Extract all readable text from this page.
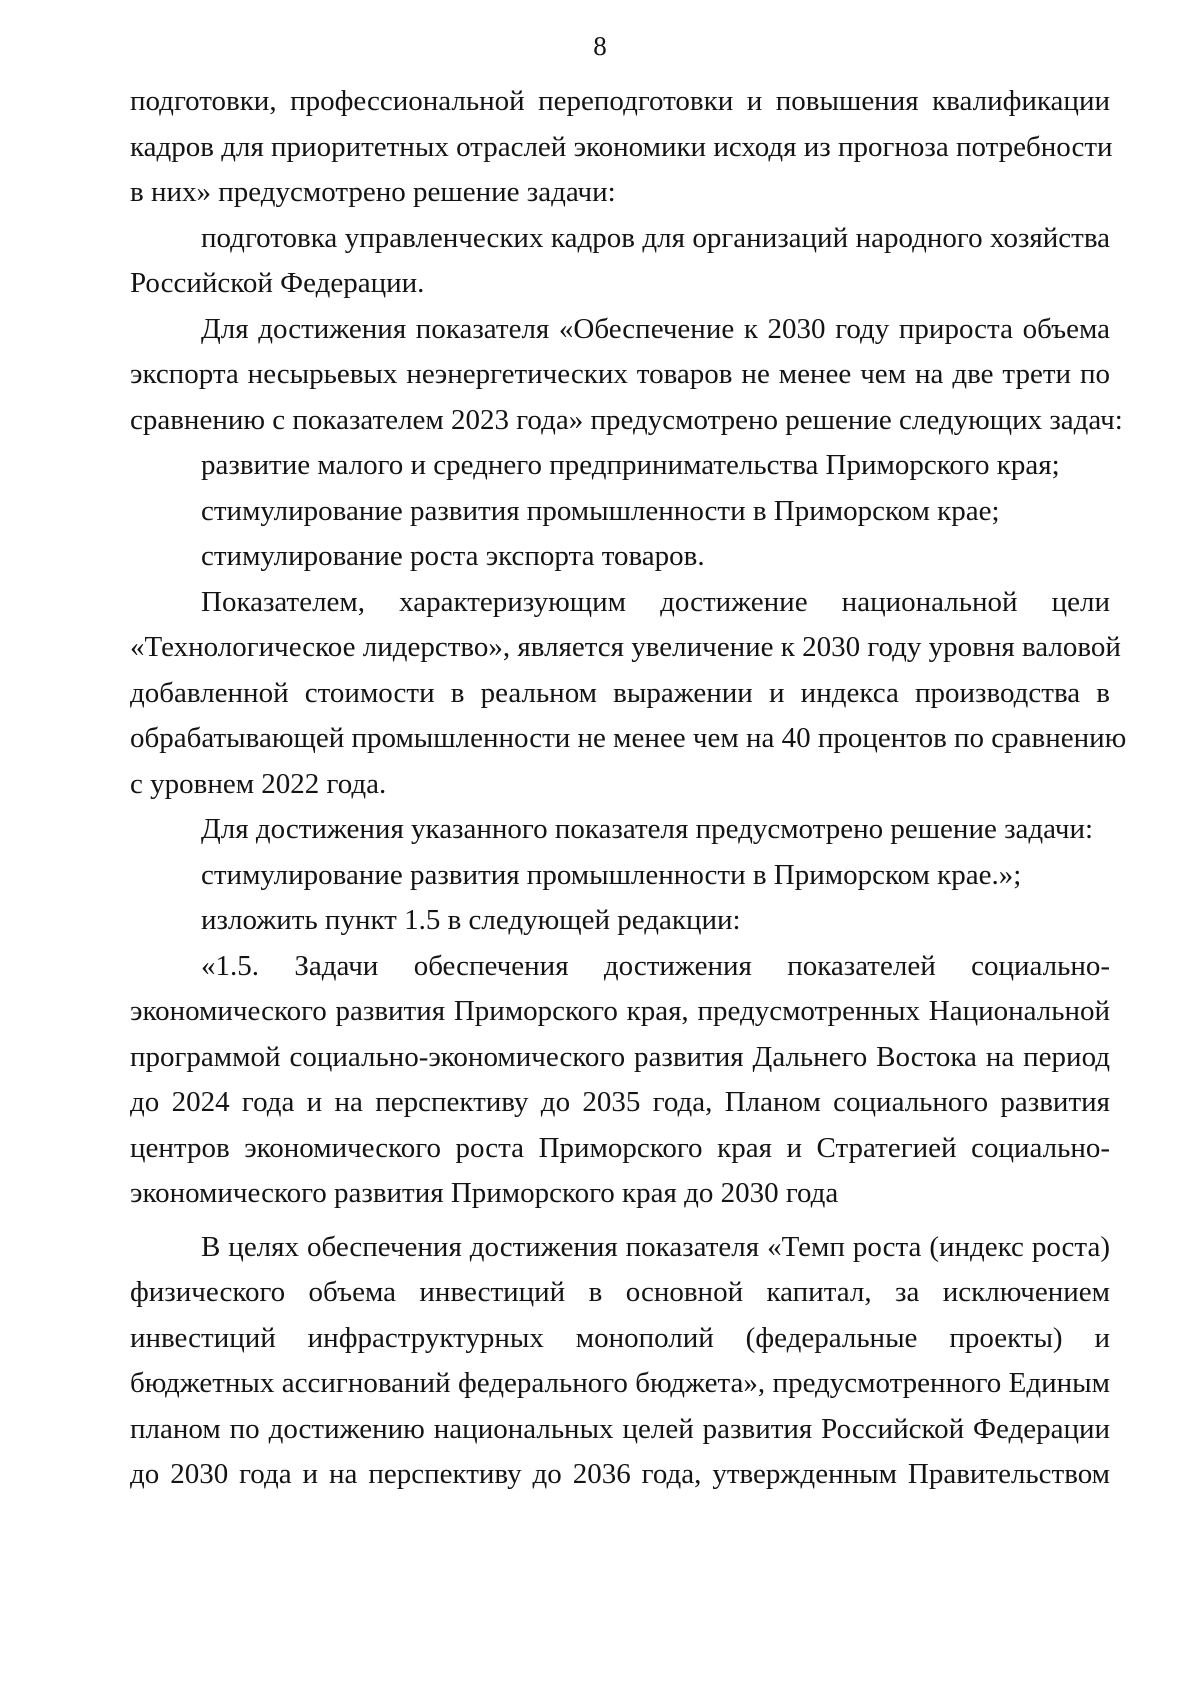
8
подготовки, профессиональной переподготовки и повышения квалификации
кадров для приоритетных отраслей экономики исходя из прогноза потребности
в них» предусмотрено решение задачи:
подготовка управленческих кадров для организаций народного хозяйства
Российской Федерации.
Для достижения показателя «Обеспечение к 2030 году прироста объема
экспорта несырьевых неэнергетических товаров не менее чем на две трети по
сравнению с показателем 2023 года» предусмотрено решение следующих задач:
развитие малого и среднего предпринимательства Приморского края;
стимулирование развития промышленности в Приморском крае;
стимулирование роста экспорта товаров.
Показателем, характеризующим достижение национальной цели
«Технологическое лидерство», является увеличение к 2030 году уровня валовой
добавленной стоимости в реальном выражении и индекса производства в
обрабатывающей промышленности не менее чем на 40 процентов по сравнению
с уровнем 2022 года.
Для достижения указанного показателя предусмотрено решение задачи:
стимулирование развития промышленности в Приморском крае.»;
изложить пункт 1.5 в следующей редакции:
«1.5. Задачи обеспечения достижения показателей социально-
экономического развития Приморского края, предусмотренных Национальной
программой социально-экономического развития Дальнего Востока на период
до 2024 года и на перспективу до 2035 года, Планом социального развития
центров экономического роста Приморского края и Стратегией социально-
экономического развития Приморского края до 2030 года
В целях обеспечения достижения показателя «Темп роста (индекс роста)
физического объема инвестиций в основной капитал, за исключением
инвестиций инфраструктурных монополий (федеральные проекты) и
бюджетных ассигнований федерального бюджета», предусмотренного Единым
планом по достижению национальных целей развития Российской Федерации
до 2030 года и на перспективу до 2036 года, утвержденным Правительством
